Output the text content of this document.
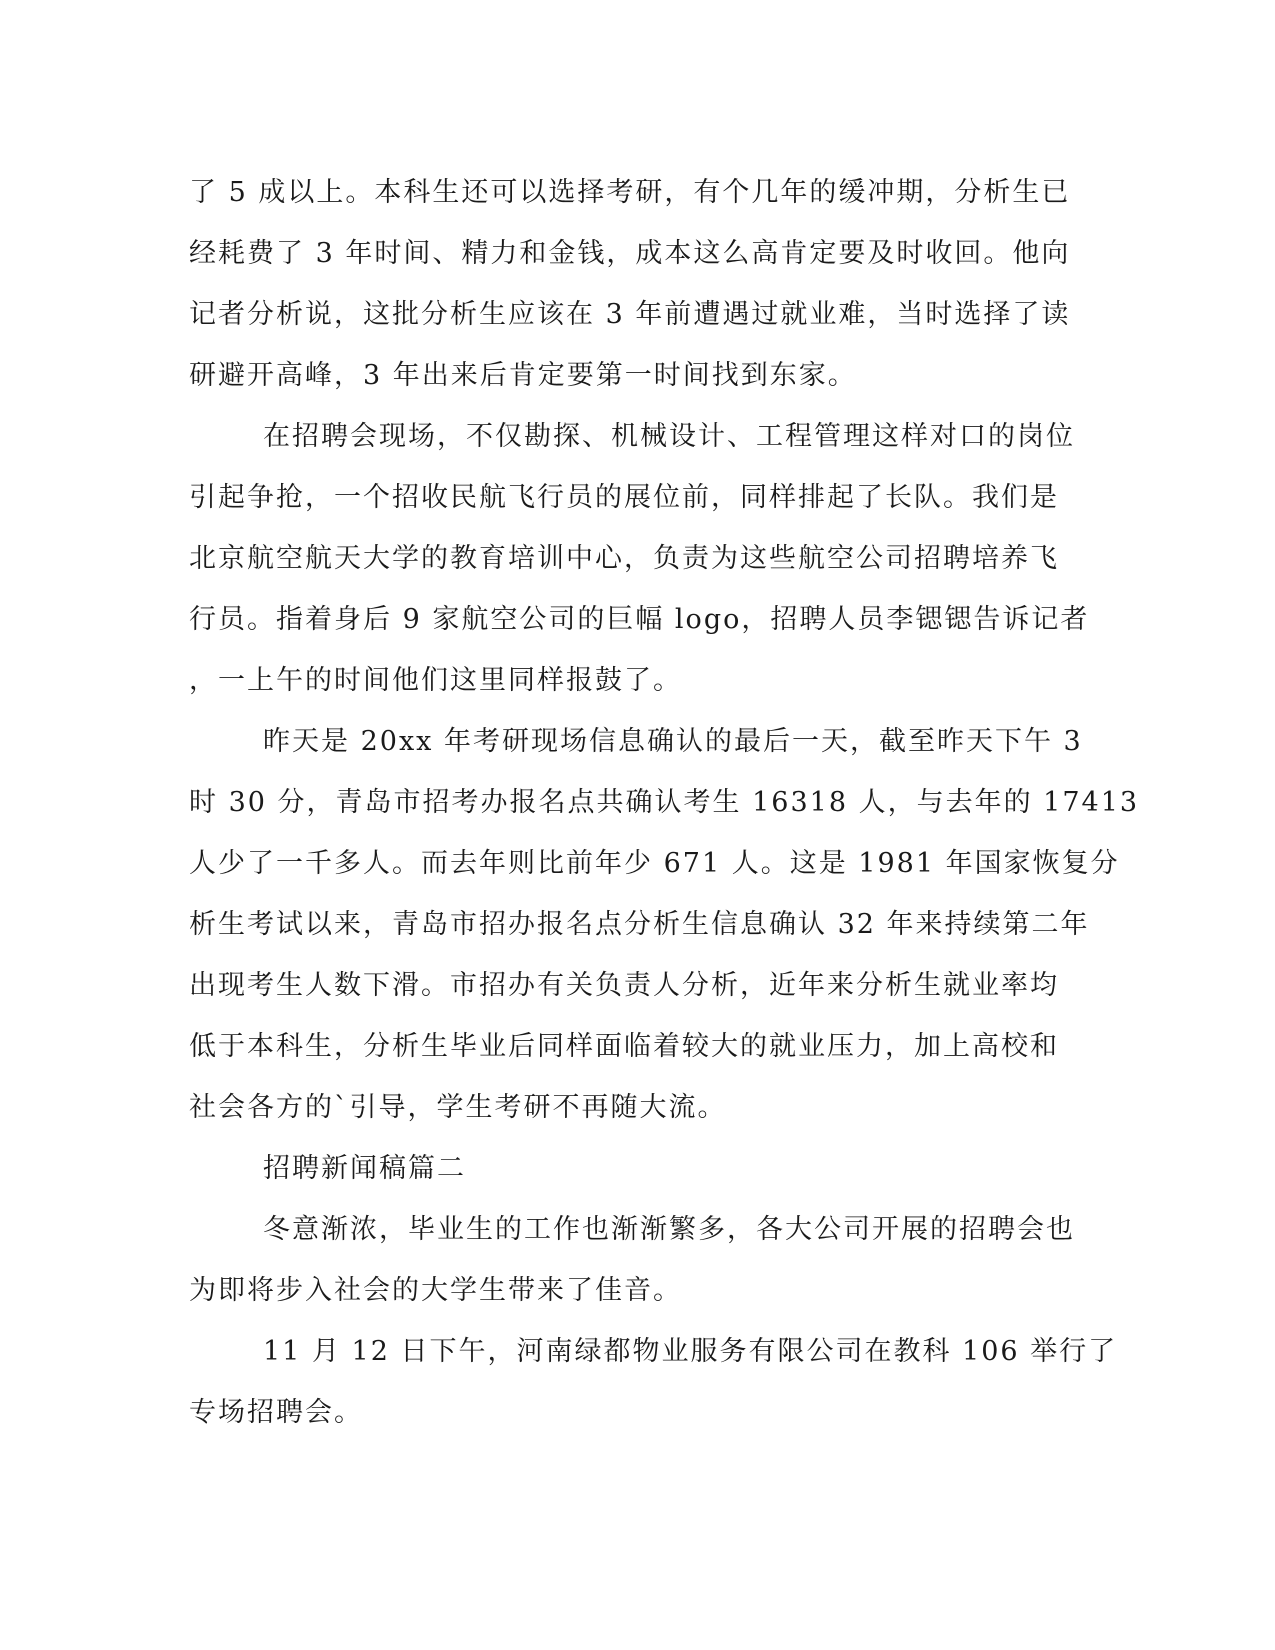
了 5 成以上。本科生还可以选择考研，有个几年的缓冲期，分析生已
经耗费了 3 年时间、精力和金钱，成本这么高肯定要及时收回。他向
记者分析说，这批分析生应该在 3 年前遭遇过就业难，当时选择了读
研避开高峰，3 年出来后肯定要第一时间找到东家。
在招聘会现场，不仅勘探、机械设计、工程管理这样对口的岗位
引起争抢，一个招收民航飞行员的展位前，同样排起了长队。我们是
北京航空航天大学的教育培训中心，负责为这些航空公司招聘培养飞
行员。指着身后 9 家航空公司的巨幅 logo，招聘人员李锶锶告诉记者
，一上午的时间他们这里同样报鼓了。
昨天是 20xx 年考研现场信息确认的最后一天，截至昨天下午 3
时 30 分，青岛市招考办报名点共确认考生 16318 人，与去年的 17413
人少了一千多人。而去年则比前年少 671 人。这是 1981 年国家恢复分
析生考试以来，青岛市招办报名点分析生信息确认 32 年来持续第二年
出现考生人数下滑。市招办有关负责人分析，近年来分析生就业率均
低于本科生，分析生毕业后同样面临着较大的就业压力，加上高校和
社会各方的`引导，学生考研不再随大流。
招聘新闻稿篇二
冬意渐浓，毕业生的工作也渐渐繁多，各大公司开展的招聘会也
为即将步入社会的大学生带来了佳音。
11 月 12 日下午，河南绿都物业服务有限公司在教科 106 举行了
专场招聘会。
